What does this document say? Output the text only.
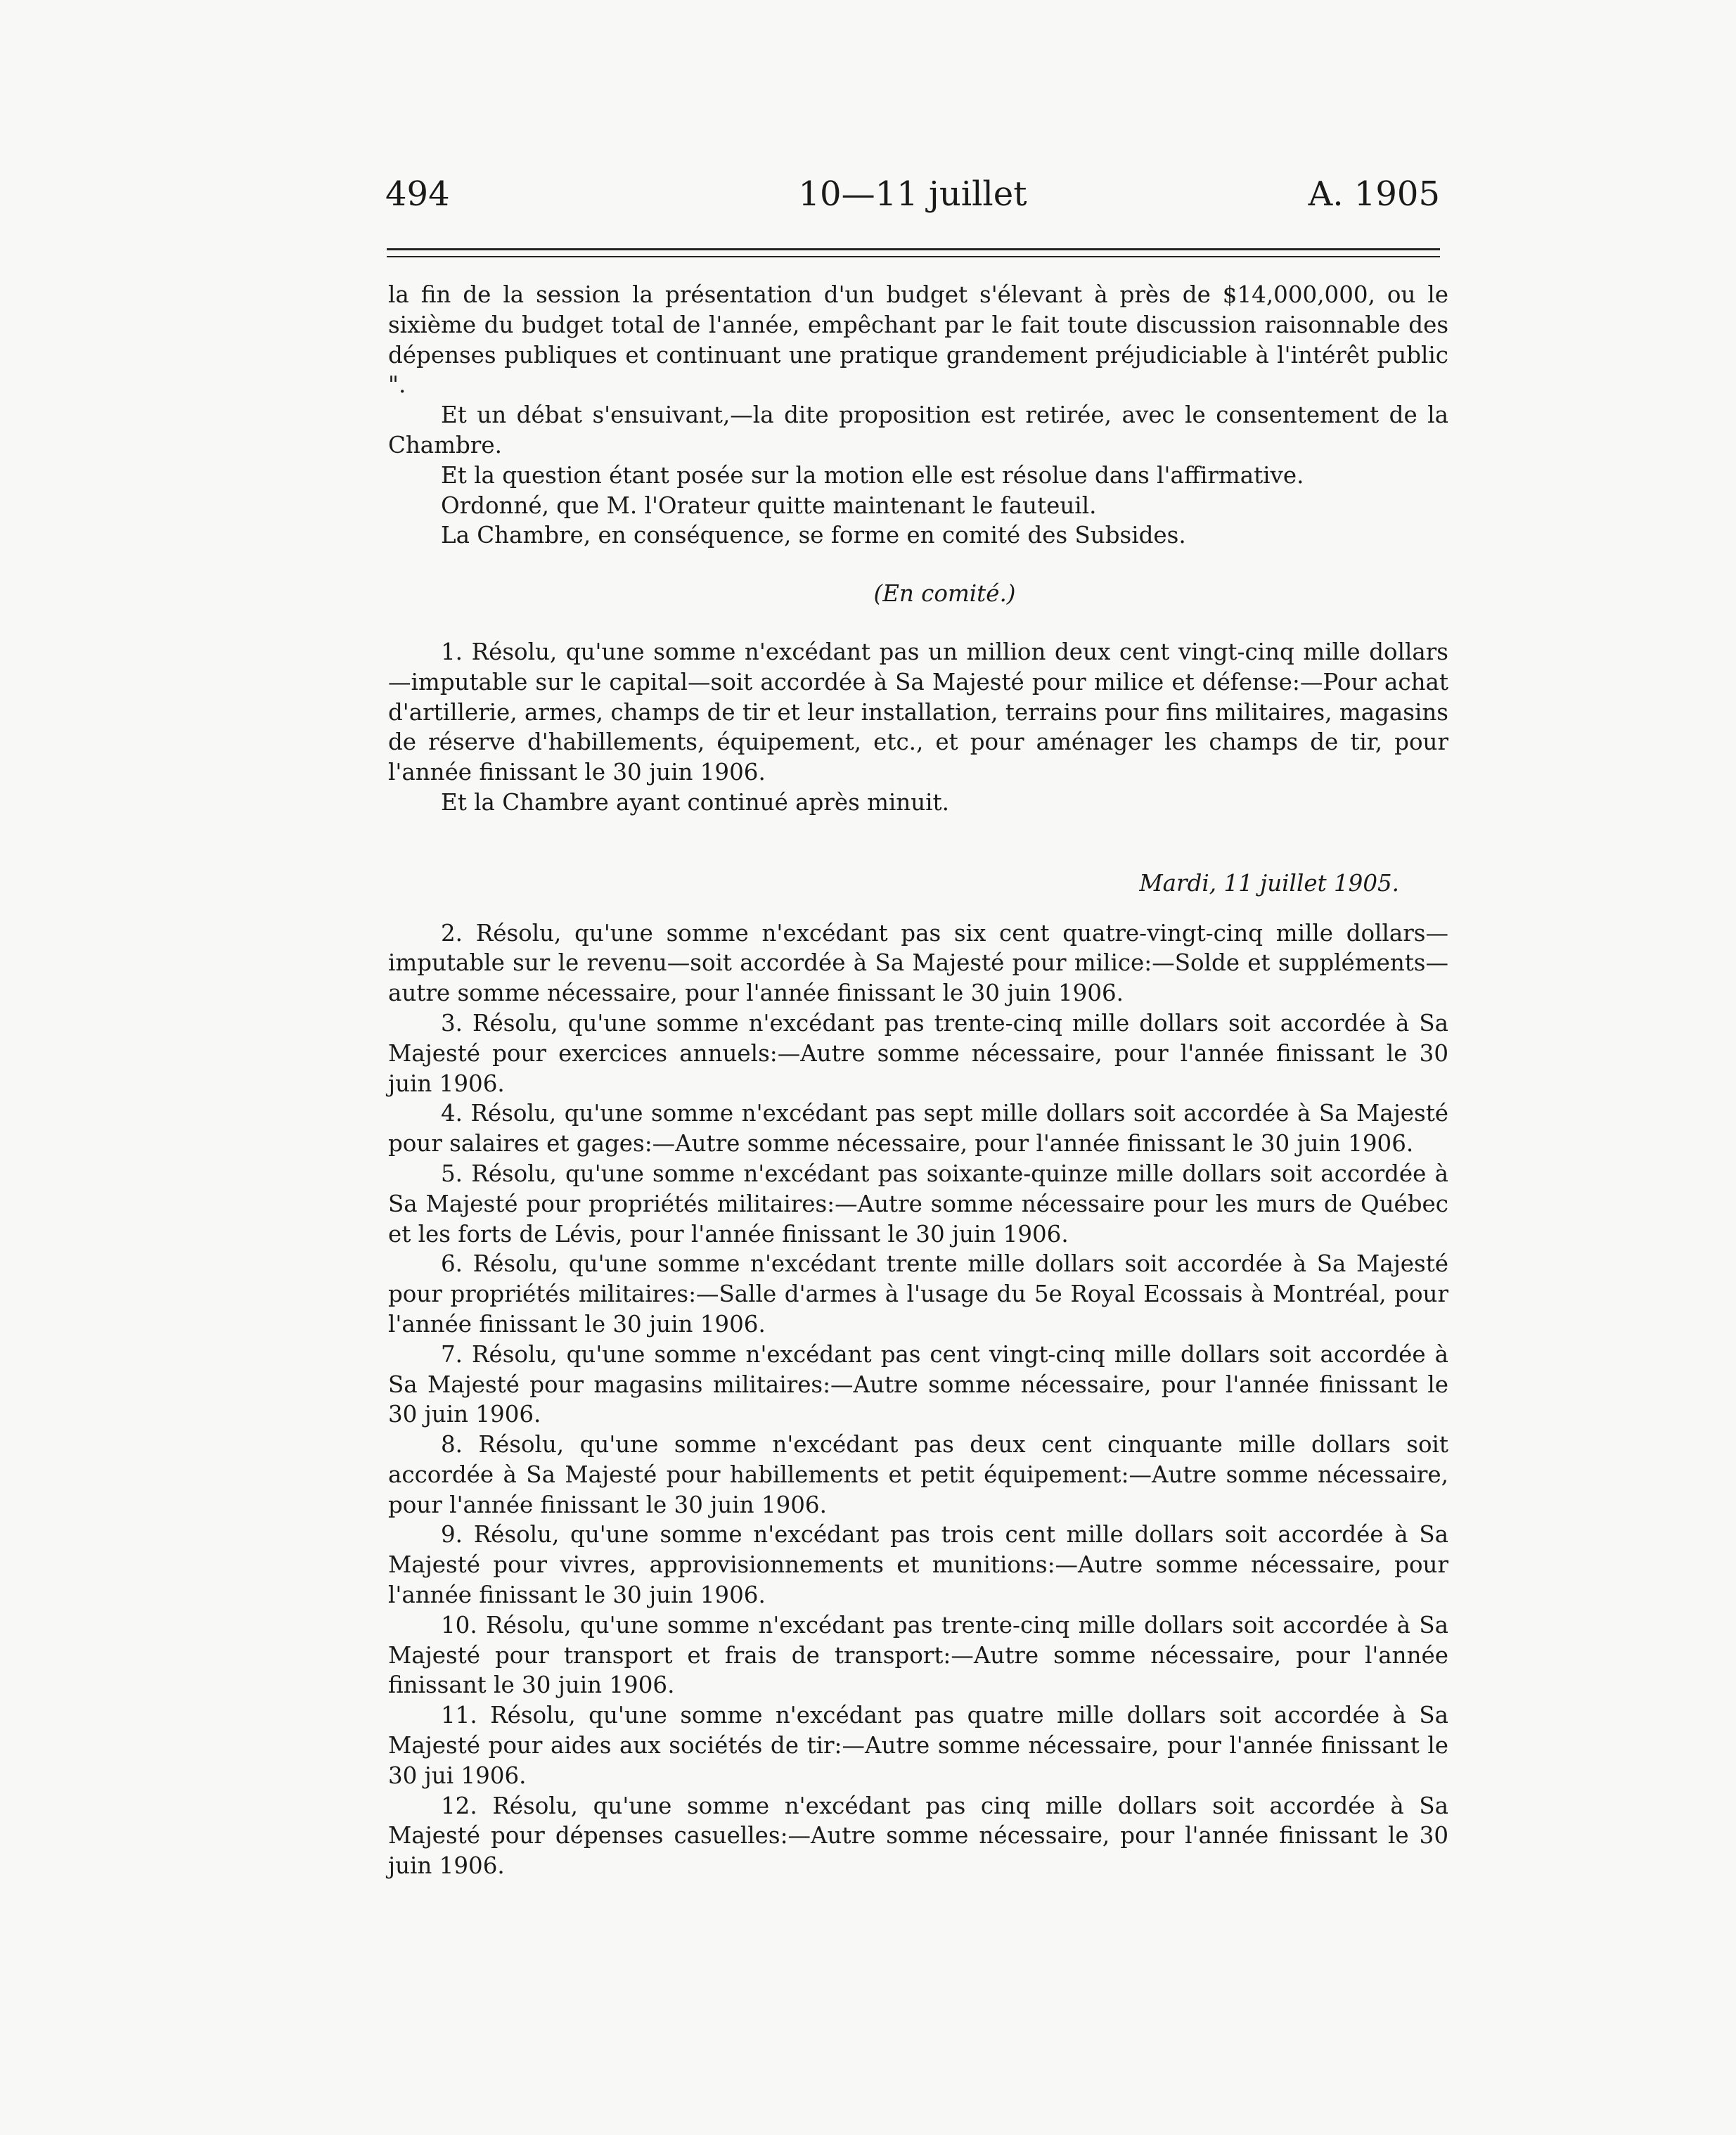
494	10—11 juillet	A. 1905

la fin de la session la présentation d'un budget s'élevant à près de $14,000,000, ou le sixième du budget total de l'année, empêchant par le fait toute discussion raisonnable des dépenses publiques et continuant une pratique grandement préjudiciable à l'intérêt public ".

Et un débat s'ensuivant,—la dite proposition est retirée, avec le consentement de la Chambre.

Et la question étant posée sur la motion elle est résolue dans l'affirmative.

Ordonné, que M. l'Orateur quitte maintenant le fauteuil.

La Chambre, en conséquence, se forme en comité des Subsides.

(En comité.)

1. Résolu, qu'une somme n'excédant pas un million deux cent vingt-cinq mille dollars—imputable sur le capital—soit accordée à Sa Majesté pour milice et défense:—Pour achat d'artillerie, armes, champs de tir et leur installation, terrains pour fins militaires, magasins de réserve d'habillements, équipement, etc., et pour aménager les champs de tir, pour l'année finissant le 30 juin 1906.

Et la Chambre ayant continué après minuit.

Mardi, 11 juillet 1905.

2. Résolu, qu'une somme n'excédant pas six cent quatre-vingt-cinq mille dollars—imputable sur le revenu—soit accordée à Sa Majesté pour milice:—Solde et suppléments—autre somme nécessaire, pour l'année finissant le 30 juin 1906.

3. Résolu, qu'une somme n'excédant pas trente-cinq mille dollars soit accordée à Sa Majesté pour exercices annuels:—Autre somme nécessaire, pour l'année finissant le 30 juin 1906.

4. Résolu, qu'une somme n'excédant pas sept mille dollars soit accordée à Sa Majesté pour salaires et gages:—Autre somme nécessaire, pour l'année finissant le 30 juin 1906.

5. Résolu, qu'une somme n'excédant pas soixante-quinze mille dollars soit accordée à Sa Majesté pour propriétés militaires:—Autre somme nécessaire pour les murs de Québec et les forts de Lévis, pour l'année finissant le 30 juin 1906.

6. Résolu, qu'une somme n'excédant trente mille dollars soit accordée à Sa Majesté pour propriétés militaires:—Salle d'armes à l'usage du 5e Royal Ecossais à Montréal, pour l'année finissant le 30 juin 1906.

7. Résolu, qu'une somme n'excédant pas cent vingt-cinq mille dollars soit accordée à Sa Majesté pour magasins militaires:—Autre somme nécessaire, pour l'année finissant le 30 juin 1906.

8. Résolu, qu'une somme n'excédant pas deux cent cinquante mille dollars soit accordée à Sa Majesté pour habillements et petit équipement:—Autre somme nécessaire, pour l'année finissant le 30 juin 1906.

9. Résolu, qu'une somme n'excédant pas trois cent mille dollars soit accordée à Sa Majesté pour vivres, approvisionnements et munitions:—Autre somme nécessaire, pour l'année finissant le 30 juin 1906.

10. Résolu, qu'une somme n'excédant pas trente-cinq mille dollars soit accordée à Sa Majesté pour transport et frais de transport:—Autre somme nécessaire, pour l'année finissant le 30 juin 1906.

11. Résolu, qu'une somme n'excédant pas quatre mille dollars soit accordée à Sa Majesté pour aides aux sociétés de tir:—Autre somme nécessaire, pour l'année finissant le 30 jui 1906.

12. Résolu, qu'une somme n'excédant pas cinq mille dollars soit accordée à Sa Majesté pour dépenses casuelles:—Autre somme nécessaire, pour l'année finissant le 30 juin 1906.
